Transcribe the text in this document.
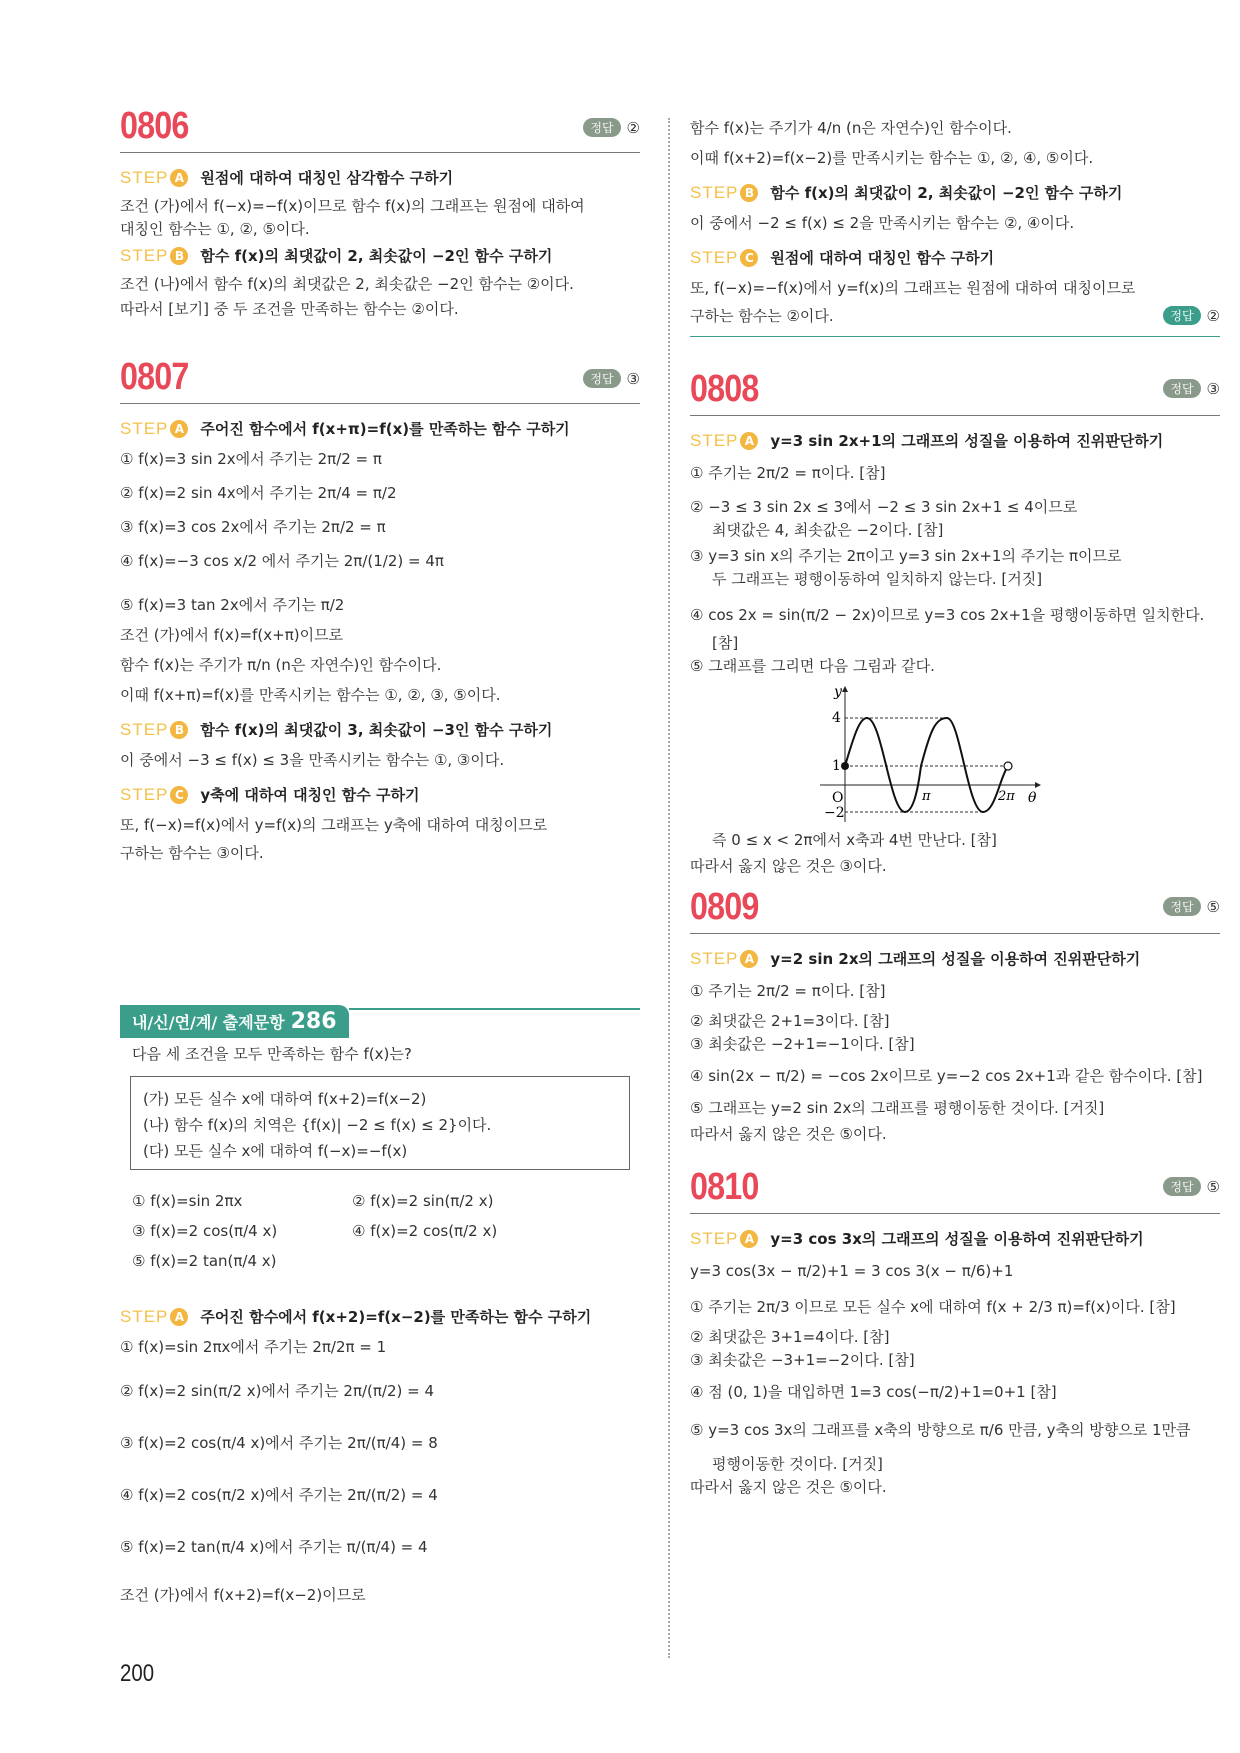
0806	정답 ②
STEP A 원점에 대하여 대칭인 삼각함수 구하기
조건 (가)에서 f(−x)=−f(x)이므로 함수 f(x)의 그래프는 원점에 대하여
대칭인 함수는 ①, ②, ⑤이다.
STEP B 함수 f(x)의 최댓값이 2, 최솟값이 −2인 함수 구하기
조건 (나)에서 함수 f(x)의 최댓값은 2, 최솟값은 −2인 함수는 ②이다.
따라서 [보기] 중 두 조건을 만족하는 함수는 ②이다.
0807	정답 ③
STEP A 주어진 함수에서 f(x+π)=f(x)를 만족하는 함수 구하기
① f(x)=3 sin 2x에서 주기는 2π/2 = π
② f(x)=2 sin 4x에서 주기는 2π/4 = π/2
③ f(x)=3 cos 2x에서 주기는 2π/2 = π
④ f(x)=−3 cos x/2 에서 주기는 2π/(1/2) = 4π
⑤ f(x)=3 tan 2x에서 주기는 π/2
조건 (가)에서 f(x)=f(x+π)이므로
함수 f(x)는 주기가 π/n (n은 자연수)인 함수이다.
이때 f(x+π)=f(x)를 만족시키는 함수는 ①, ②, ③, ⑤이다.
STEP B 함수 f(x)의 최댓값이 3, 최솟값이 −3인 함수 구하기
이 중에서 −3 ≤ f(x) ≤ 3을 만족시키는 함수는 ①, ③이다.
STEP C	y축에 대하여 대칭인 함수 구하기
또, f(−x)=f(x)에서 y=f(x)의 그래프는 y축에 대하여 대칭이므로
구하는 함수는 ③이다.
내/신/연/계/ 출제문항 286
다음 세 조건을 모두 만족하는 함수 f(x)는?
(가) 모든 실수 x에 대하여 f(x+2)=f(x−2)
(나) 함수 f(x)의 치역은 {f(x)| −2 ≤ f(x) ≤ 2}이다.
(다) 모든 실수 x에 대하여 f(−x)=−f(x)
① f(x)=sin 2πx	② f(x)=2 sin(π/2 x)
③ f(x)=2 cos(π/4 x)	④ f(x)=2 cos(π/2 x)
⑤ f(x)=2 tan(π/4 x)
STEP A 주어진 함수에서 f(x+2)=f(x−2)를 만족하는 함수 구하기
① f(x)=sin 2πx에서 주기는 2π/2π = 1
② f(x)=2 sin(π/2 x)에서 주기는 2π/(π/2) = 4
③ f(x)=2 cos(π/4 x)에서 주기는 2π/(π/4) = 8
④ f(x)=2 cos(π/2 x)에서 주기는 2π/(π/2) = 4
⑤ f(x)=2 tan(π/4 x)에서 주기는 π/(π/4) = 4
조건 (가)에서 f(x+2)=f(x−2)이므로
함수 f(x)는 주기가 4/n (n은 자연수)인 함수이다.
이때 f(x+2)=f(x−2)를 만족시키는 함수는 ①, ②, ④, ⑤이다.
STEP B 함수 f(x)의 최댓값이 2, 최솟값이 −2인 함수 구하기
이 중에서 −2 ≤ f(x) ≤ 2을 만족시키는 함수는 ②, ④이다.
STEP C	원점에 대하여 대칭인 함수 구하기
또, f(−x)=−f(x)에서 y=f(x)의 그래프는 원점에 대하여 대칭이므로
구하는 함수는 ②이다.	정답 ②
0808	정답 ③
STEP A y=3 sin 2x+1의 그래프의 성질을 이용하여 진위판단하기
① 주기는 2π/2 = π이다. [참]
② −3 ≤ 3 sin 2x ≤ 3에서 −2 ≤ 3 sin 2x+1 ≤ 4이므로
최댓값은 4, 최솟값은 −2이다. [참]
③ y=3 sin x의 주기는 2π이고 y=3 sin 2x+1의 주기는 π이므로
두 그래프는 평행이동하여 일치하지 않는다. [거짓]
④ cos 2x = sin(π/2 − 2x)이므로 y=3 cos 2x+1을 평행이동하면 일치한다.
[참]
⑤ 그래프를 그리면 다음 그림과 같다.
y
4
1
−2
O	π	2π θ
즉 0 ≤ x < 2π에서 x축과 4번 만난다. [참]
따라서 옳지 않은 것은 ③이다.
0809	정답 ⑤
STEP A y=2 sin 2x의 그래프의 성질을 이용하여 진위판단하기
① 주기는 2π/2 = π이다. [참]
② 최댓값은 2+1=3이다. [참]
③ 최솟값은 −2+1=−1이다. [참]
④ sin(2x − π/2) = −cos 2x이므로 y=−2 cos 2x+1과 같은 함수이다. [참]
⑤ 그래프는 y=2 sin 2x의 그래프를 평행이동한 것이다. [거짓]
따라서 옳지 않은 것은 ⑤이다.
0810	정답 ⑤
STEP A y=3 cos 3x의 그래프의 성질을 이용하여 진위판단하기
y=3 cos(3x − π/2)+1 = 3 cos 3(x − π/6)+1
① 주기는 2π/3 이므로 모든 실수 x에 대하여 f(x + 2/3 π)=f(x)이다. [참]
② 최댓값은 3+1=4이다. [참]
③ 최솟값은 −3+1=−2이다. [참]
④ 점 (0, 1)을 대입하면 1=3 cos(−π/2)+1=0+1 [참]
⑤ y=3 cos 3x의 그래프를 x축의 방향으로 π/6 만큼, y축의 방향으로 1만큼
평행이동한 것이다. [거짓]
따라서 옳지 않은 것은 ⑤이다.
200
